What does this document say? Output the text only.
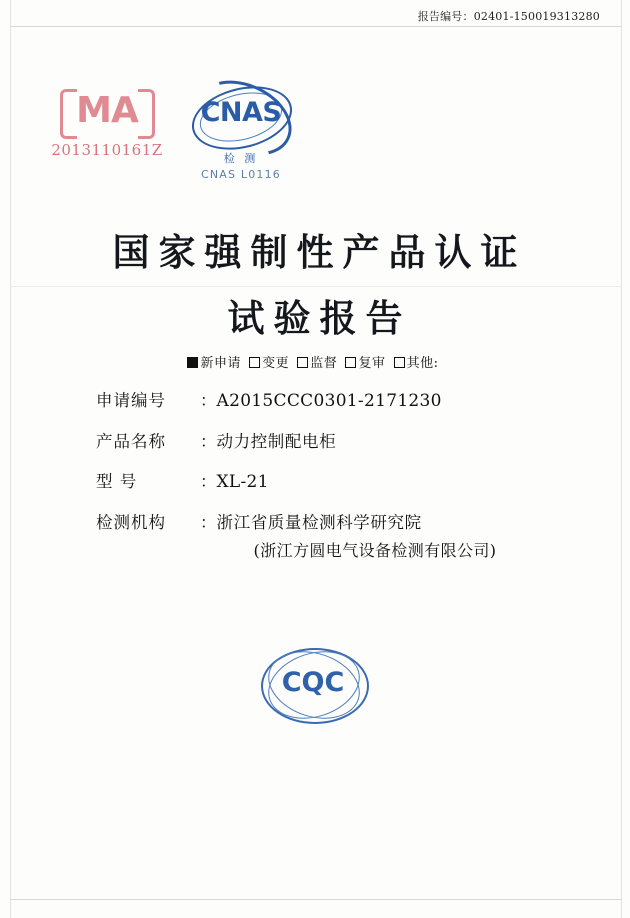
报告编号：02401-150019313280
MA
2013110161Z
CNAS
检 测
CNAS L0116
国家强制性产品认证
试验报告
新申请 变更 监督 复审 其他:
申请编号	： A2015CCC0301-2171230
产品名称	： 动力控制配电柜
型 号	： XL-21
检测机构	： 浙江省质量检测科学研究院
(浙江方圆电气设备检测有限公司)
CQC
